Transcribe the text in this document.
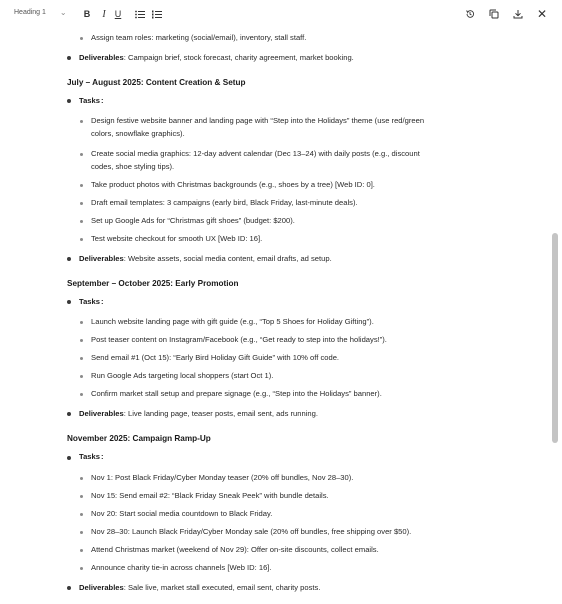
Heading 1 ⌄	B	I	U	✕
Assign team roles: marketing (social/email), inventory, stall staff.
Deliverables: Campaign brief, stock forecast, charity agreement, market booking.
July – August 2025: Content Creation & Setup
Tasks :
Design festive website banner and landing page with “Step into the Holidays” theme (use red/green
colors, snowflake graphics).
Create social media graphics: 12-day advent calendar (Dec 13–24) with daily posts (e.g., discount
codes, shoe styling tips).
Take product photos with Christmas backgrounds (e.g., shoes by a tree) [Web ID: 0].
Draft email templates: 3 campaigns (early bird, Black Friday, last-minute deals).
Set up Google Ads for “Christmas gift shoes” (budget: $200).
Test website checkout for smooth UX [Web ID: 16].
Deliverables: Website assets, social media content, email drafts, ad setup.
September – October 2025: Early Promotion
Tasks :
Launch website landing page with gift guide (e.g., “Top 5 Shoes for Holiday Gifting”).
Post teaser content on Instagram/Facebook (e.g., “Get ready to step into the holidays!”).
Send email #1 (Oct 15): “Early Bird Holiday Gift Guide” with 10% off code.
Run Google Ads targeting local shoppers (start Oct 1).
Confirm market stall setup and prepare signage (e.g., “Step into the Holidays” banner).
Deliverables: Live landing page, teaser posts, email sent, ads running.
November 2025: Campaign Ramp-Up
Tasks :
Nov 1: Post Black Friday/Cyber Monday teaser (20% off bundles, Nov 28–30).
Nov 15: Send email #2: “Black Friday Sneak Peek” with bundle details.
Nov 20: Start social media countdown to Black Friday.
Nov 28–30: Launch Black Friday/Cyber Monday sale (20% off bundles, free shipping over $50).
Attend Christmas market (weekend of Nov 29): Offer on-site discounts, collect emails.
Announce charity tie-in across channels [Web ID: 16].
Deliverables: Sale live, market stall executed, email sent, charity posts.
